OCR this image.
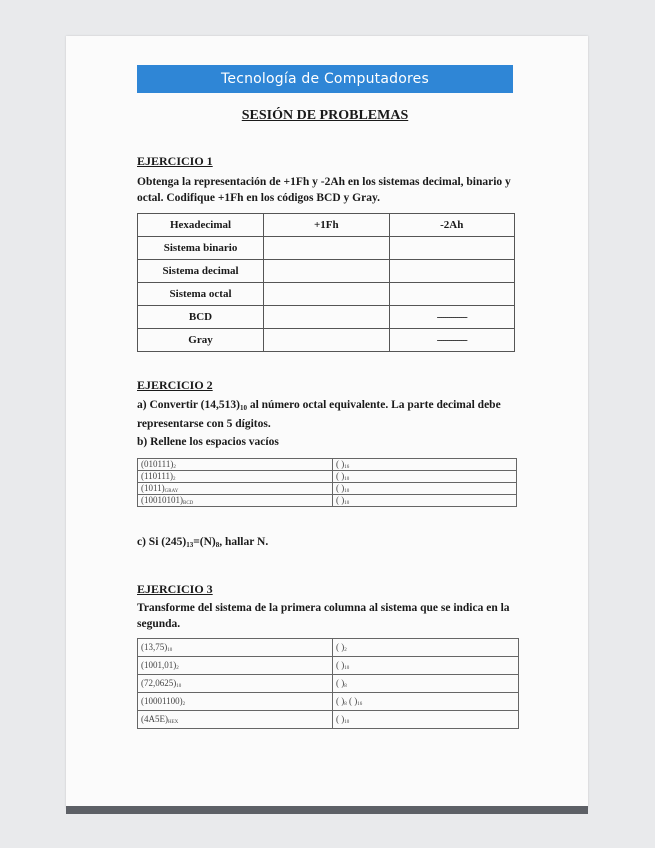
Tecnología de Computadores
SESIÓN DE PROBLEMAS
EJERCICIO 1
Obtenga la representación de +1Fh y -2Ah en los sistemas decimal, binario y octal. Codifique +1Fh en los códigos BCD y Gray.
Hexadecimal	+1Fh	-2Ah
Sistema binario		
Sistema decimal		
Sistema octal		
BCD		---------------
Gray		---------------
EJERCICIO 2
a) Convertir $(14,513)_{10}$ al número octal equivalente. La parte decimal debe representarse con 5 dígitos.
b) Rellene los espacios vacíos
$(010111)_2$	( )$_{16}$
$(110111)_2$	( )$_{10}$
$(1011)_{GRAY}$	( )$_{10}$
$(10010101)_{BCD}$	( )$_{10}$
c) Si $(245)_{13}=(N)_8$, hallar N.
EJERCICIO 3
Transforme del sistema de la primera columna al sistema que se indica en la segunda.
$(13,75)_{10}$	( )$_2$
$(1001,01)_2$	( )$_{10}$
$(72,0625)_{10}$	( )$_8$
$(10001100)_2$	( )$_8$ ( )$_{16}$
$(4A5E)_{HEX}$	( )$_{10}$
